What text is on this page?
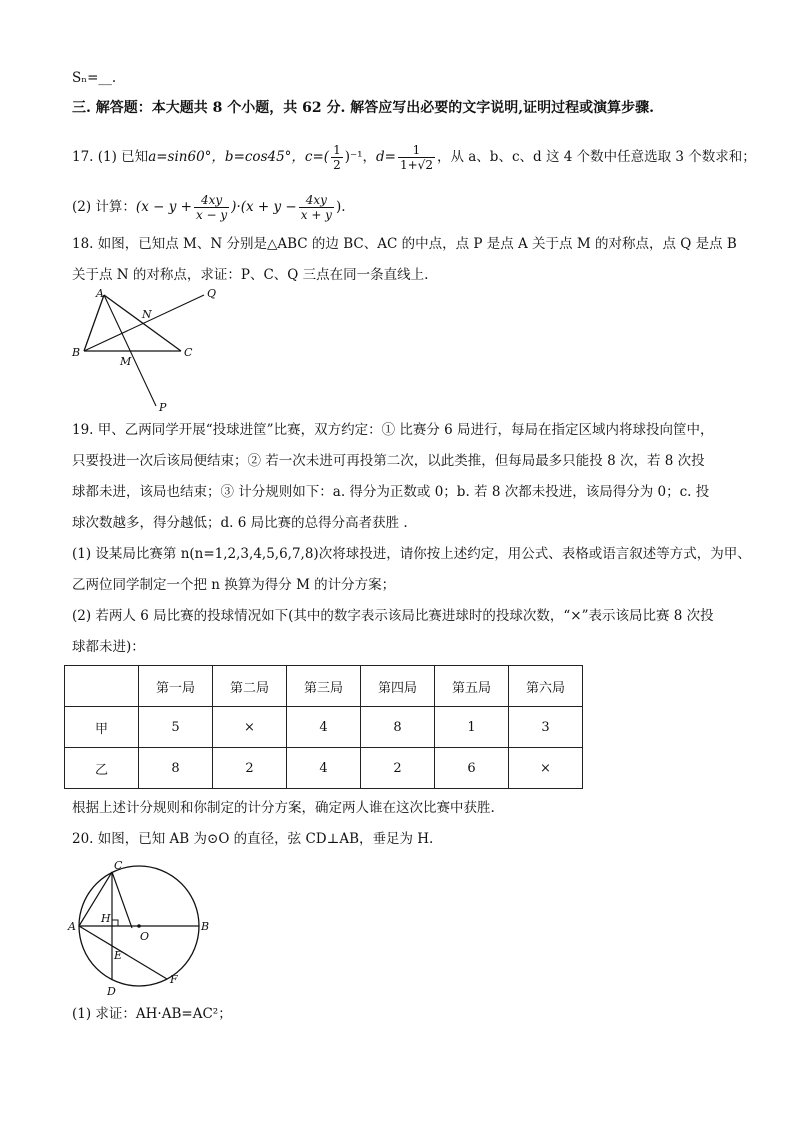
Sₙ=__.
三. 解答题：本大题共 8 个小题，共 62 分. 解答应写出必要的文字说明,证明过程或演算步骤.
17. (1) 已知a=sin60°，b=cos45°，$c=( \frac{1}{2} )^{-1}$，$d= \frac{1}{1+√2}$ ，从 a、b、c、d 这 4 个数中任意选取 3 个数求和；
(2) 计算：$(x - y + \frac{4xy}{x - y} )\cdot(x + y - \frac{4xy}{x + y}$ ).
18. 如图，已知点 M、N 分别是△ABC 的边 BC、AC 的中点，点 P 是点 A 关于点 M 的对称点，点 Q 是点 B
关于点 N 的对称点，求证：P、C、Q 三点在同一条直线上.
A
B	C
M
N
P
Q
19. 甲、乙两同学开展“投球进筐”比赛，双方约定：① 比赛分 6 局进行，每局在指定区域内将球投向筐中，
只要投进一次后该局便结束；② 若一次未进可再投第二次，以此类推，但每局最多只能投 8 次，若 8 次投
球都未进，该局也结束；③ 计分规则如下：a. 得分为正数或 0；b. 若 8 次都未投进，该局得分为 0；c. 投
球次数越多，得分越低；d. 6 局比赛的总得分高者获胜 .
(1) 设某局比赛第 n(n=1,2,3,4,5,6,7,8)次将球投进，请你按上述约定，用公式、表格或语言叙述等方式，为甲、
乙两位同学制定一个把 n 换算为得分 M 的计分方案；
(2) 若两人 6 局比赛的投球情况如下(其中的数字表示该局比赛进球时的投球次数，“×”表示该局比赛 8 次投
球都未进)：
	第一局	第二局	第三局	第四局	第五局	第六局
甲	5	×	4	8	1	3
乙	8	2	4	2	6	×
根据上述计分规则和你制定的计分方案，确定两人谁在这次比赛中获胜.
20. 如图，已知 AB 为⊙O 的直径，弦 CD⊥AB，垂足为 H.
A	B
C
D
E
F
H
O
(1) 求证：AH·AB=AC²；
